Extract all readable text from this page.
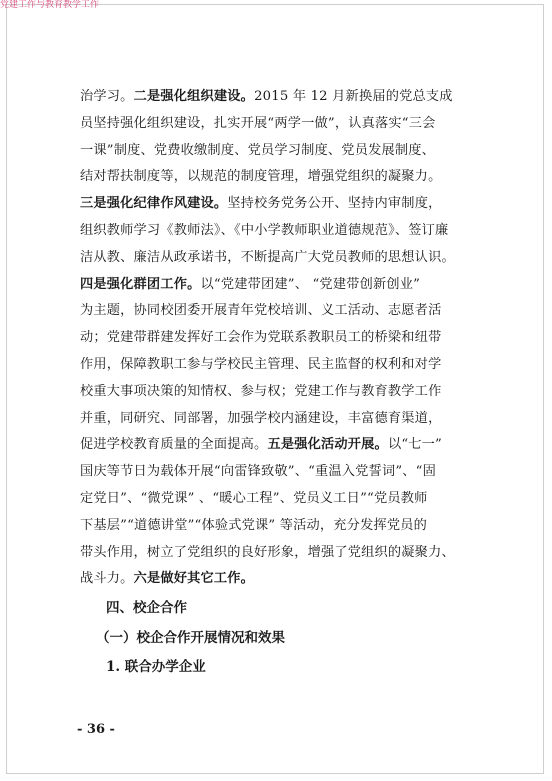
党建工作与教育教学工作
治学习。二是强化组织建设。2015 年 12 月新换届的党总支成
员坚持强化组织建设，扎实开展“两学一做”，认真落实“三会
一课”制度、党费收缴制度、党员学习制度、党员发展制度、
结对帮扶制度等，以规范的制度管理，增强党组织的凝聚力。
三是强化纪律作风建设。坚持校务党务公开、坚持内审制度，
组织教师学习《教师法》、《中小学教师职业道德规范》、签订廉
洁从教、廉洁从政承诺书，不断提高广大党员教师的思想认识。
四是强化群团工作。以“党建带团建”、 “党建带创新创业”
为主题，协同校团委开展青年党校培训、义工活动、志愿者活
动；党建带群建发挥好工会作为党联系教职员工的桥梁和纽带
作用，保障教职工参与学校民主管理、民主监督的权利和对学
校重大事项决策的知情权、参与权；党建工作与教育教学工作
并重，同研究、同部署，加强学校内涵建设，丰富德育渠道，
促进学校教育质量的全面提高。五是强化活动开展。以“七一”
国庆等节日为载体开展“向雷锋致敬”、“重温入党誓词”、“固
定党日”、“微党课” 、“暖心工程”、党员义工日”“党员教师
下基层”“道德讲堂”“体验式党课” 等活动，充分发挥党员的
带头作用，树立了党组织的良好形象，增强了党组织的凝聚力、
战斗力。六是做好其它工作。
四、校企合作
（一）校企合作开展情况和效果
1. 联合办学企业
- 36 -
